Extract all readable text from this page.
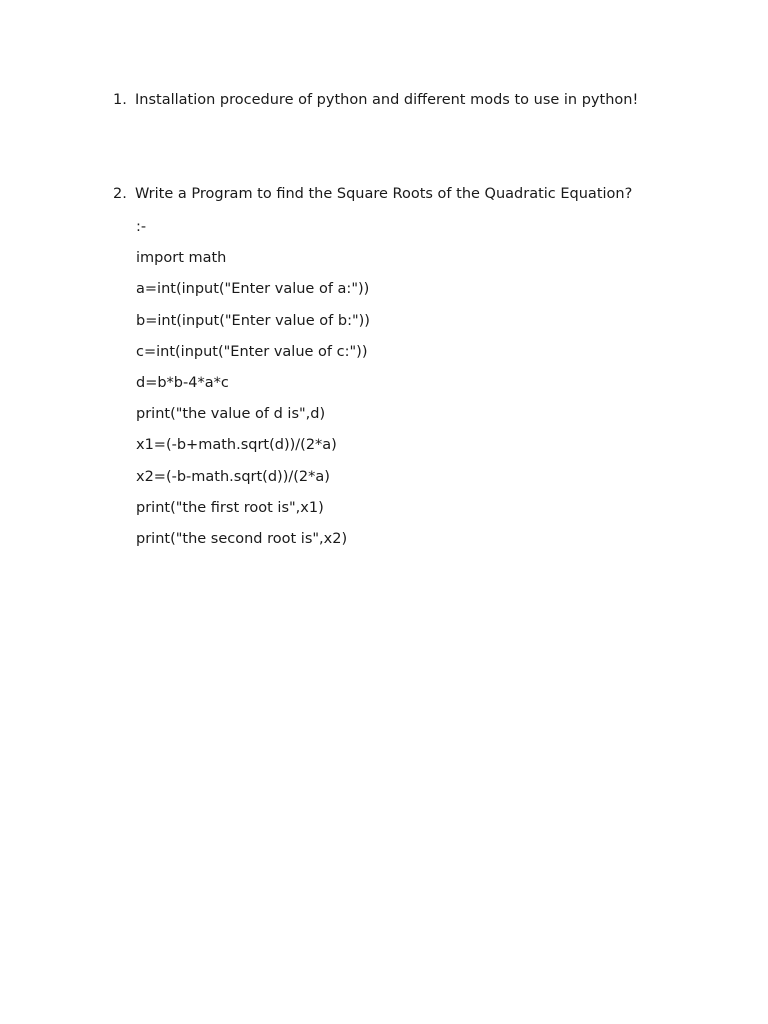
1. Installation procedure of python and different mods to use in python!
2. Write a Program to find the Square Roots of the Quadratic Equation?
:-
import math
a=int(input("Enter value of a:"))
b=int(input("Enter value of b:"))
c=int(input("Enter value of c:"))
d=b*b-4*a*c
print("the value of d is",d)
x1=(-b+math.sqrt(d))/(2*a)
x2=(-b-math.sqrt(d))/(2*a)
print("the first root is",x1)
print("the second root is",x2)
